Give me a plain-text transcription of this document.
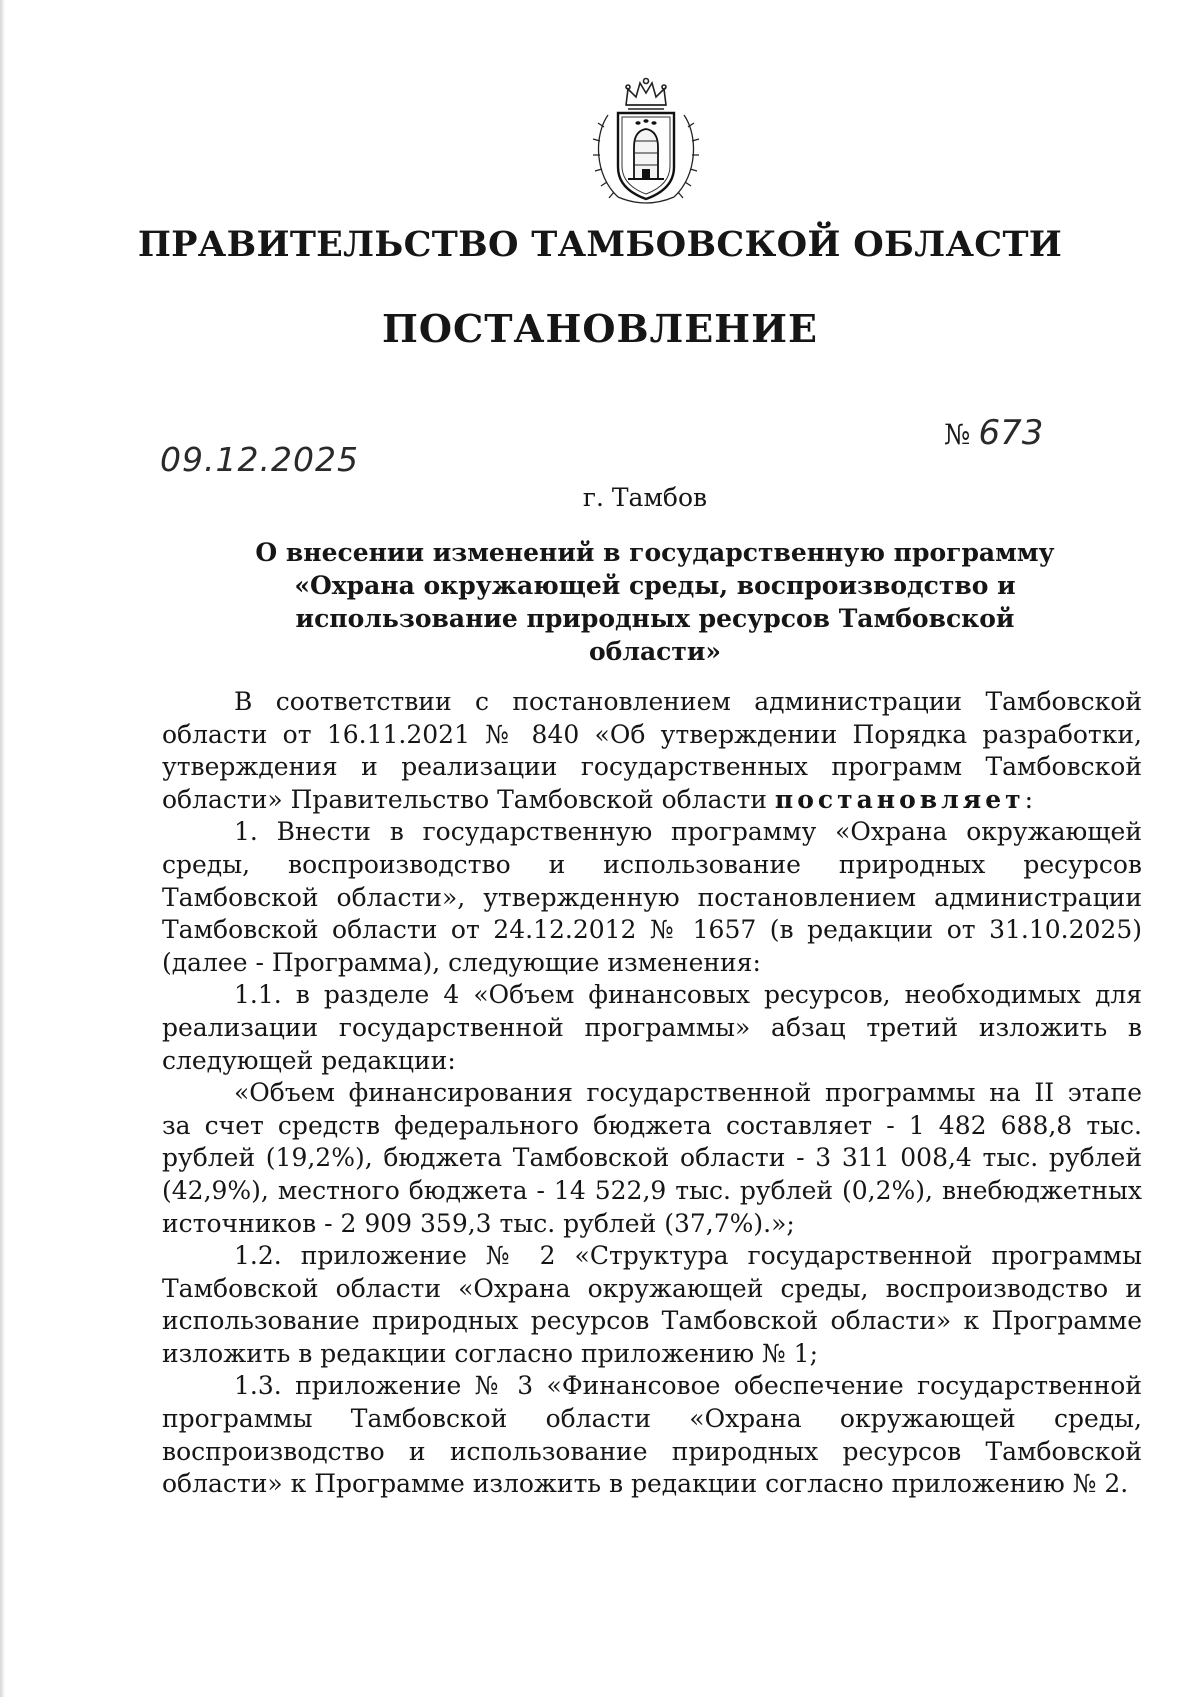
ПРАВИТЕЛЬСТВО ТАМБОВСКОЙ ОБЛАСТИ
ПОСТАНОВЛЕНИЕ
09.12.2025
№ 673
г. Тамбов
О внесении изменений в государственную программу «Охрана окружающей среды, воспроизводство и использование природных ресурсов Тамбовской области»

В соответствии с постановлением администрации Тамбовской области от 16.11.2021 № 840 «Об утверждении Порядка разработки, утверждения и реализации государственных программ Тамбовской области» Правительство Тамбовской области постановляет:

1. Внести в государственную программу «Охрана окружающей среды, воспроизводство и использование природных ресурсов Тамбовской области», утвержденную постановлением администрации Тамбовской области от 24.12.2012 № 1657 (в редакции от 31.10.2025) (далее - Программа), следующие изменения:

1.1. в разделе 4 «Объем финансовых ресурсов, необходимых для реализации государственной программы» абзац третий изложить в следующей редакции:

«Объем финансирования государственной программы на II этапе за счет средств федерального бюджета составляет - 1 482 688,8 тыс. рублей (19,2%), бюджета Тамбовской области - 3 311 008,4 тыс. рублей (42,9%), местного бюджета - 14 522,9 тыс. рублей (0,2%), внебюджетных источников - 2 909 359,3 тыс. рублей (37,7%).»;

1.2. приложение № 2 «Структура государственной программы Тамбовской области «Охрана окружающей среды, воспроизводство и использование природных ресурсов Тамбовской области» к Программе изложить в редакции согласно приложению № 1;

1.3. приложение № 3 «Финансовое обеспечение государственной программы Тамбовской области «Охрана окружающей среды, воспроизводство и использование природных ресурсов Тамбовской области» к Программе изложить в редакции согласно приложению № 2.
